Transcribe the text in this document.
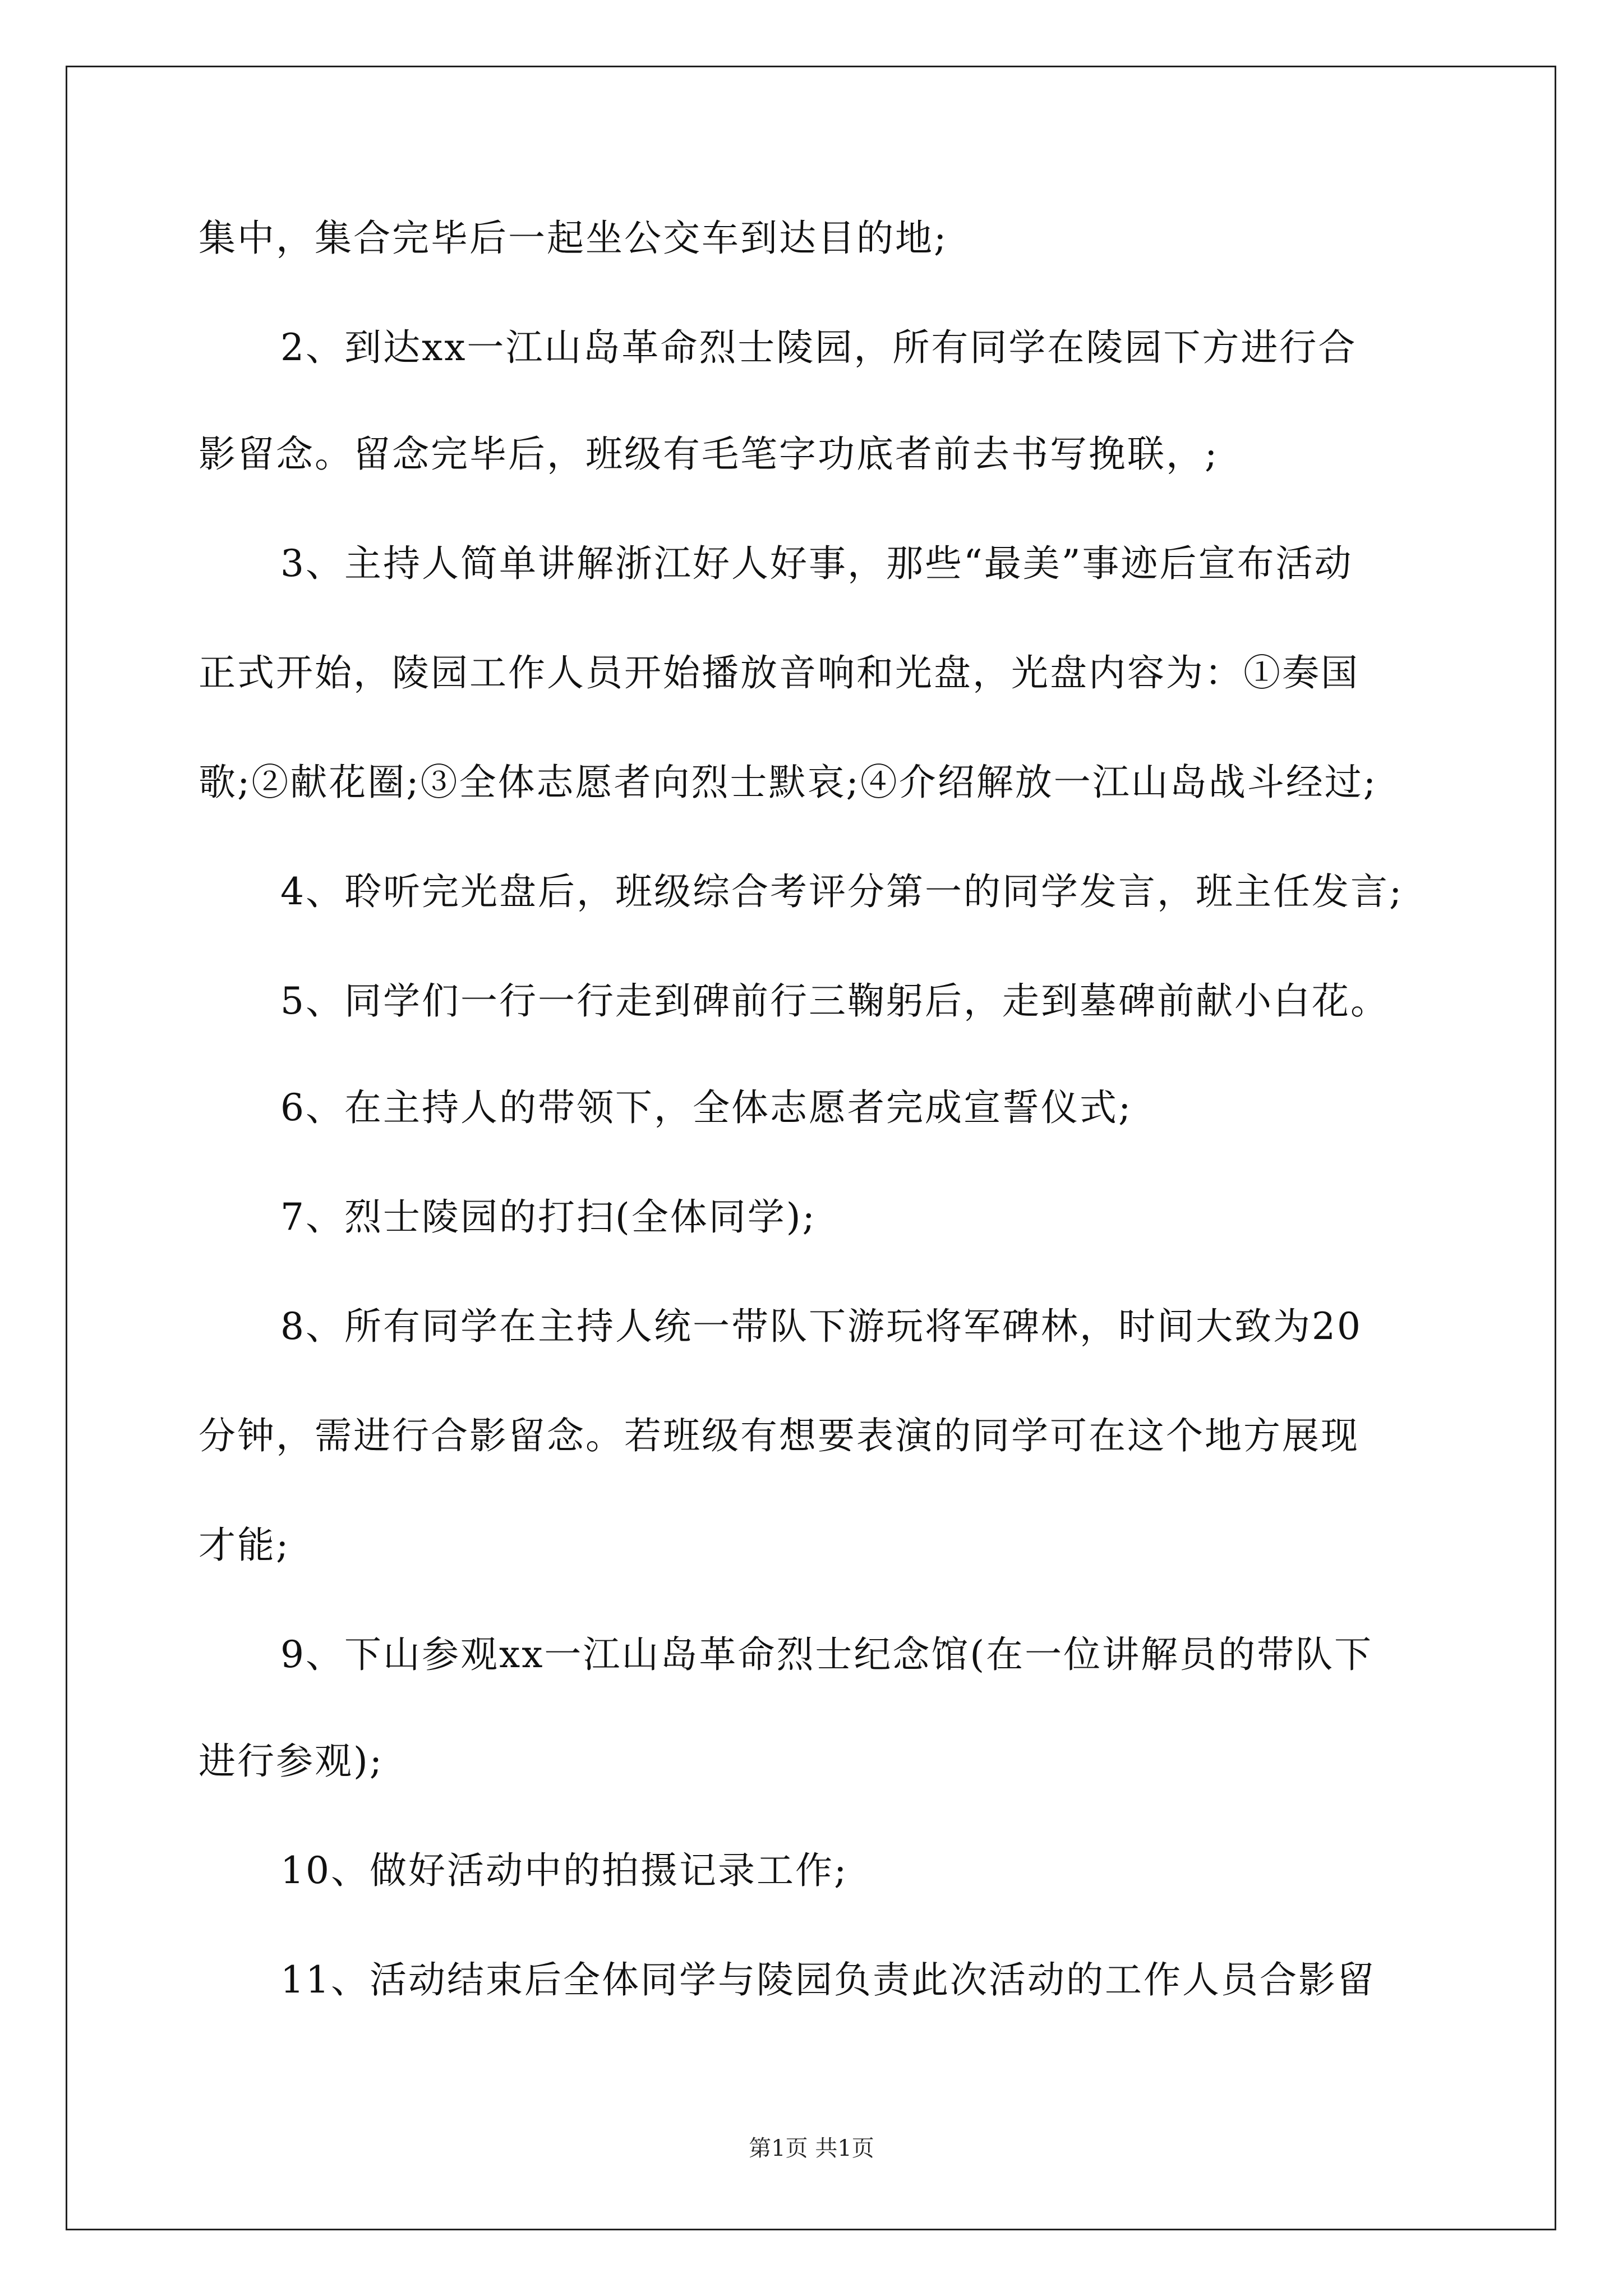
集中，集合完毕后一起坐公交车到达目的地;

2、到达xx一江山岛革命烈士陵园，所有同学在陵园下方进行合

影留念。留念完毕后，班级有毛笔字功底者前去书写挽联，;

3、主持人简单讲解浙江好人好事，那些“最美”事迹后宣布活动

正式开始，陵园工作人员开始播放音响和光盘，光盘内容为：①奏国

歌;②献花圈;③全体志愿者向烈士默哀;④介绍解放一江山岛战斗经过;

4、聆听完光盘后，班级综合考评分第一的同学发言，班主任发言;

5、同学们一行一行走到碑前行三鞠躬后，走到墓碑前献小白花。

6、在主持人的带领下，全体志愿者完成宣誓仪式;

7、烈士陵园的打扫(全体同学);

8、所有同学在主持人统一带队下游玩将军碑林，时间大致为20

分钟，需进行合影留念。若班级有想要表演的同学可在这个地方展现

才能;

9、下山参观xx一江山岛革命烈士纪念馆(在一位讲解员的带队下

进行参观);

10、做好活动中的拍摄记录工作;

11、活动结束后全体同学与陵园负责此次活动的工作人员合影留

第1页 共1页
